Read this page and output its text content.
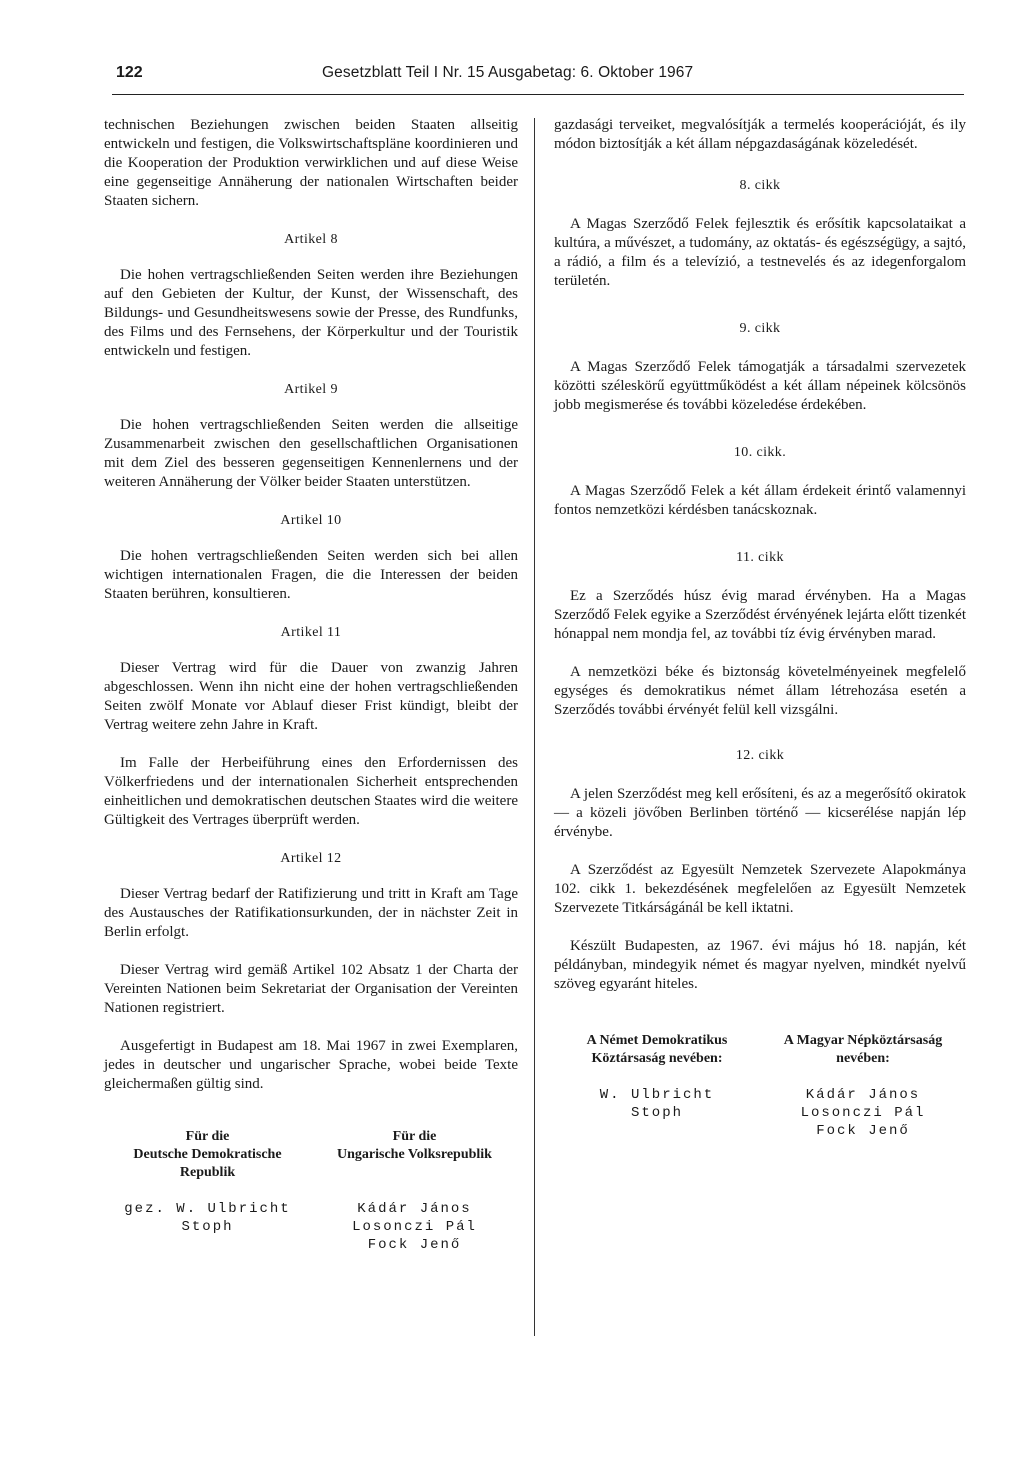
122	Gesetzblatt Teil I Nr. 15 Ausgabetag: 6. Oktober 1967

technischen Beziehungen zwischen beiden Staaten allseitig entwickeln und festigen, die Volkswirtschaftspläne koordinieren und die Kooperation der Produktion verwirklichen und auf diese Weise eine gegenseitige Annäherung der nationalen Wirtschaften beider Staaten sichern.

Artikel 8

Die hohen vertragschließenden Seiten werden ihre Beziehungen auf den Gebieten der Kultur, der Kunst, der Wissenschaft, des Bildungs- und Gesundheitswesens sowie der Presse, des Rundfunks, des Films und des Fernsehens, der Körperkultur und der Touristik entwickeln und festigen.

Artikel 9

Die hohen vertragschließenden Seiten werden die allseitige Zusammenarbeit zwischen den gesellschaftlichen Organisationen mit dem Ziel des besseren gegenseitigen Kennenlernens und der weiteren Annäherung der Völker beider Staaten unterstützen.

Artikel 10

Die hohen vertragschließenden Seiten werden sich bei allen wichtigen internationalen Fragen, die die Interessen der beiden Staaten berühren, konsultieren.

Artikel 11

Dieser Vertrag wird für die Dauer von zwanzig Jahren abgeschlossen. Wenn ihn nicht eine der hohen vertragschließenden Seiten zwölf Monate vor Ablauf dieser Frist kündigt, bleibt der Vertrag weitere zehn Jahre in Kraft.

Im Falle der Herbeiführung eines den Erfordernissen des Völkerfriedens und der internationalen Sicherheit entsprechenden einheitlichen und demokratischen deutschen Staates wird die weitere Gültigkeit des Vertrages überprüft werden.

Artikel 12

Dieser Vertrag bedarf der Ratifizierung und tritt in Kraft am Tage des Austausches der Ratifikationsurkunden, der in nächster Zeit in Berlin erfolgt.

Dieser Vertrag wird gemäß Artikel 102 Absatz 1 der Charta der Vereinten Nationen beim Sekretariat der Organisation der Vereinten Nationen registriert.

Ausgefertigt in Budapest am 18. Mai 1967 in zwei Exemplaren, jedes in deutscher und ungarischer Sprache, wobei beide Texte gleichermaßen gültig sind.

Für die
Deutsche Demokratische
Republik
gez. W. Ulbricht
Stoph
Für die
Ungarische Volksrepublik
Kádár János
Losonczi Pál
Fock Jenő

gazdasági terveiket, megvalósítják a termelés kooperációját, és ily módon biztosítják a két állam népgazdaságának közeledését.

8. cikk

A Magas Szerződő Felek fejlesztik és erősítik kapcsolataikat a kultúra, a művészet, a tudomány, az oktatás- és egészségügy, a sajtó, a rádió, a film és a televízió, a testnevelés és az idegenforgalom területén.

9. cikk

A Magas Szerződő Felek támogatják a társadalmi szervezetek közötti széleskörű együttműködést a két állam népeinek kölcsönös jobb megismerése és további közeledése érdekében.

10. cikk.

A Magas Szerződő Felek a két állam érdekeit érintő valamennyi fontos nemzetközi kérdésben tanácskoznak.

11. cikk

Ez a Szerződés húsz évig marad érvényben. Ha a Magas Szerződő Felek egyike a Szerződést érvényének lejárta előtt tizenkét hónappal nem mondja fel, az további tíz évig érvényben marad.

A nemzetközi béke és biztonság követelményeinek megfelelő egységes és demokratikus német állam létrehozása esetén a Szerződés további érvényét felül kell vizsgálni.

12. cikk

A jelen Szerződést meg kell erősíteni, és az a megerősítő okiratok — a közeli jövőben Berlinben történő — kicserélése napján lép érvénybe.

A Szerződést az Egyesült Nemzetek Szervezete Alapokmánya 102. cikk 1. bekezdésének megfelelően az Egyesült Nemzetek Szervezete Titkárságánál be kell iktatni.

Készült Budapesten, az 1967. évi május hó 18. napján, két példányban, mindegyik német és magyar nyelven, mindkét nyelvű szöveg egyaránt hiteles.

A Német Demokratikus
Köztársaság nevében:
W. Ulbricht
Stoph
A Magyar Népköztársaság
nevében:
Kádár János
Losonczi Pál
Fock Jenő
